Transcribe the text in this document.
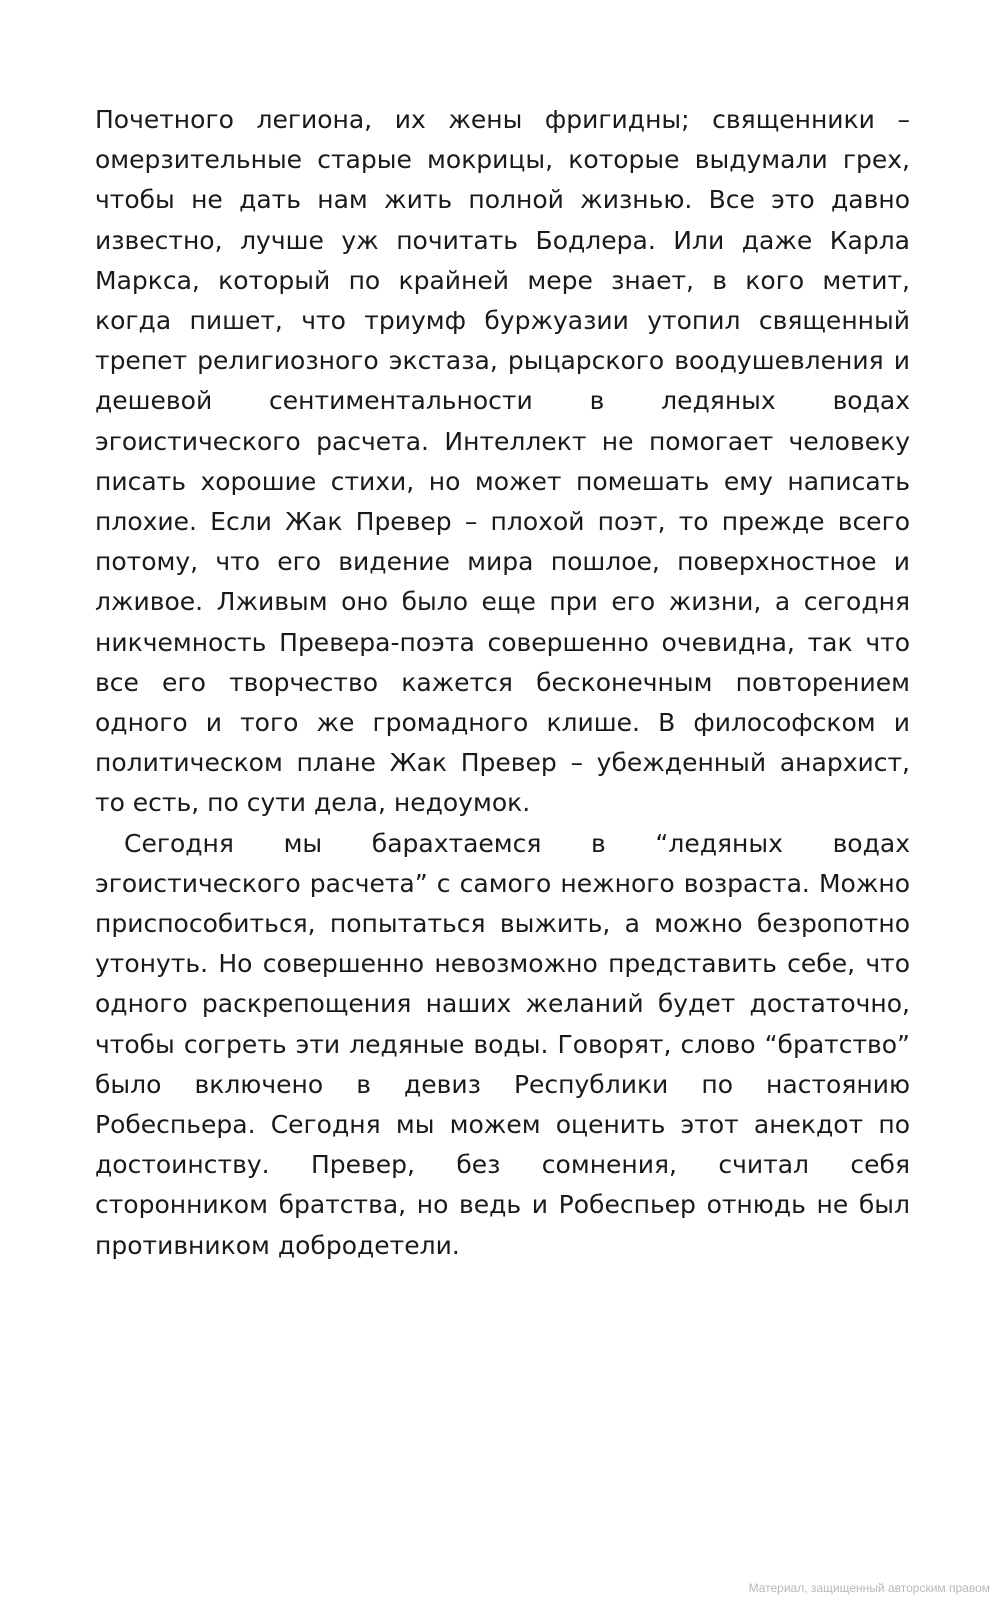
Почетного легиона, их жены фригидны; священники – омерзительные старые мокрицы, которые выдумали грех, чтобы не дать нам жить полной жизнью. Все это давно известно, лучше уж почитать Бодлера. Или даже Карла Маркса, который по крайней мере знает, в кого метит, когда пишет, что триумф буржуазии утопил священный трепет религиозного экстаза, рыцарского воодушевления и дешевой сентиментальности в ледяных водах эгоистического расчета. Интеллект не помогает человеку писать хорошие стихи, но может помешать ему написать плохие. Если Жак Превер – плохой поэт, то прежде всего потому, что его видение мира пошлое, поверхностное и лживое. Лживым оно было еще при его жизни, а сегодня никчемность Превера-поэта совершенно очевидна, так что все его творчество кажется бесконечным повторением одного и того же громадного клише. В философском и политическом плане Жак Превер – убежденный анархист, то есть, по сути дела, недоумок.

Сегодня мы барахтаемся в “ледяных водах эгоистического расчета” с самого нежного возраста. Можно приспособиться, попытаться выжить, а можно безропотно утонуть. Но совершенно невозможно представить себе, что одного раскрепощения наших желаний будет достаточно, чтобы согреть эти ледяные воды. Говорят, слово “братство” было включено в девиз Республики по настоянию Робеспьера. Сегодня мы можем оценить этот анекдот по достоинству. Превер, без сомнения, считал себя сторонником братства, но ведь и Робеспьер отнюдь не был противником добродетели.

Материал, защищенный авторским правом
